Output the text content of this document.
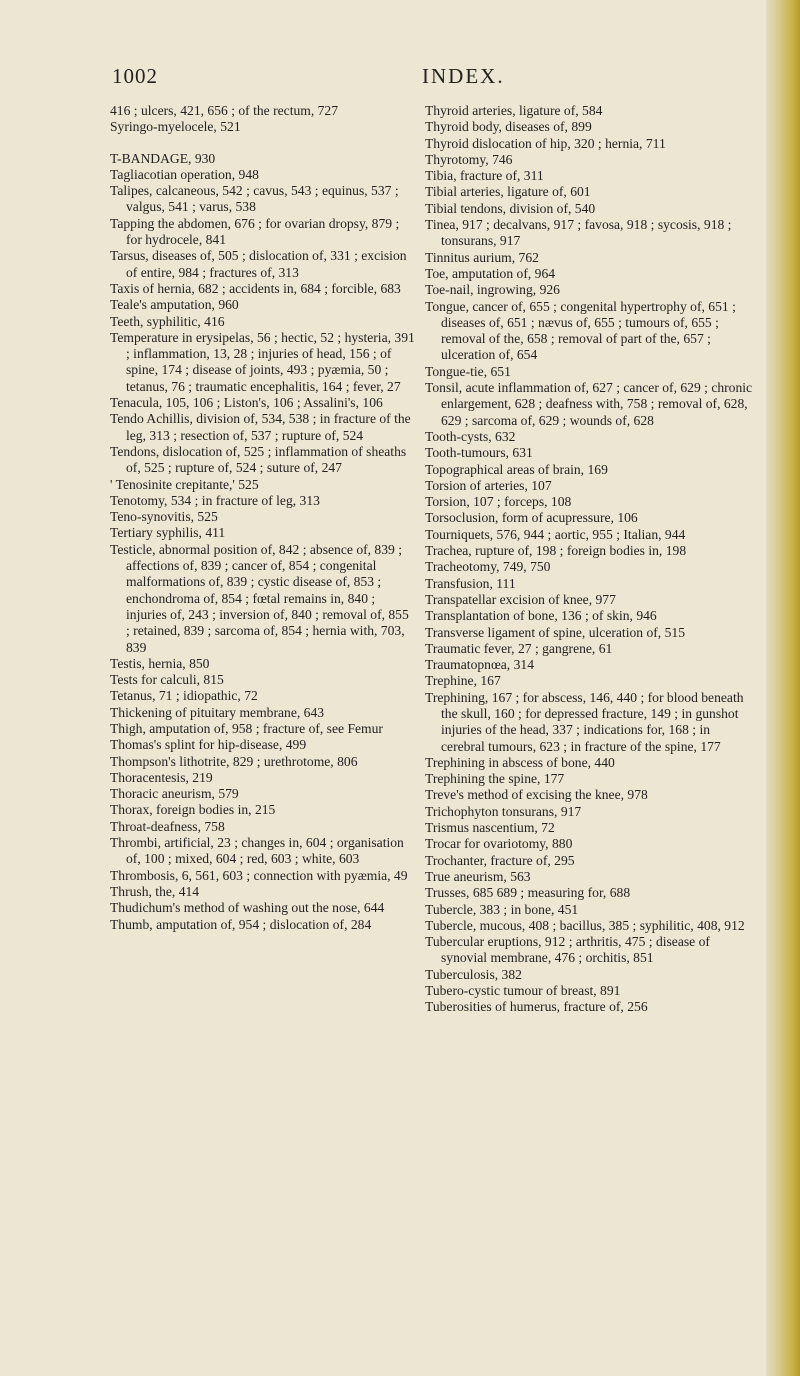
1002	INDEX.
416 ; ulcers, 421, 656 ; of the rectum, 727
Syringo-myelocele, 521
T-BANDAGE, 930
Tagliacotian operation, 948
Talipes, calcaneous, 542 ; cavus, 543 ; equinus, 537 ; valgus, 541 ; varus, 538
Tapping the abdomen, 676 ; for ovarian dropsy, 879 ; for hydrocele, 841
Tarsus, diseases of, 505 ; dislocation of, 331 ; excision of entire, 984 ; fractures of, 313
Taxis of hernia, 682 ; accidents in, 684 ; forcible, 683
Teale's amputation, 960
Teeth, syphilitic, 416
Temperature in erysipelas, 56 ; hectic, 52 ; hysteria, 391 ; inflammation, 13, 28 ; injuries of head, 156 ; of spine, 174 ; disease of joints, 493 ; pyæmia, 50 ; tetanus, 76 ; traumatic encephalitis, 164 ; fever, 27
Tenacula, 105, 106 ; Liston's, 106 ; Assalini's, 106
Tendo Achillis, division of, 534, 538 ; in fracture of the leg, 313 ; resection of, 537 ; rupture of, 524
Tendons, dislocation of, 525 ; inflammation of sheaths of, 525 ; rupture of, 524 ; suture of, 247
' Tenosinite crepitante,' 525
Tenotomy, 534 ; in fracture of leg, 313
Teno-synovitis, 525
Tertiary syphilis, 411
Testicle, abnormal position of, 842 ; absence of, 839 ; affections of, 839 ; cancer of, 854 ; congenital malformations of, 839 ; cystic disease of, 853 ; enchondroma of, 854 ; fœtal remains in, 840 ; injuries of, 243 ; inversion of, 840 ; removal of, 855 ; retained, 839 ; sarcoma of, 854 ; hernia with, 703, 839
Testis, hernia, 850
Tests for calculi, 815
Tetanus, 71 ; idiopathic, 72
Thickening of pituitary membrane, 643
Thigh, amputation of, 958 ; fracture of, see Femur
Thomas's splint for hip-disease, 499
Thompson's lithotrite, 829 ; urethrotome, 806
Thoracentesis, 219
Thoracic aneurism, 579
Thorax, foreign bodies in, 215
Throat-deafness, 758
Thrombi, artificial, 23 ; changes in, 604 ; organisation of, 100 ; mixed, 604 ; red, 603 ; white, 603
Thrombosis, 6, 561, 603 ; connection with pyæmia, 49
Thrush, the, 414
Thudichum's method of washing out the nose, 644
Thumb, amputation of, 954 ; dislocation of, 284
Thyroid arteries, ligature of, 584
Thyroid body, diseases of, 899
Thyroid dislocation of hip, 320 ; hernia, 711
Thyrotomy, 746
Tibia, fracture of, 311
Tibial arteries, ligature of, 601
Tibial tendons, division of, 540
Tinea, 917 ; decalvans, 917 ; favosa, 918 ; sycosis, 918 ; tonsurans, 917
Tinnitus aurium, 762
Toe, amputation of, 964
Toe-nail, ingrowing, 926
Tongue, cancer of, 655 ; congenital hypertrophy of, 651 ; diseases of, 651 ; nævus of, 655 ; tumours of, 655 ; removal of the, 658 ; removal of part of the, 657 ; ulceration of, 654
Tongue-tie, 651
Tonsil, acute inflammation of, 627 ; cancer of, 629 ; chronic enlargement, 628 ; deafness with, 758 ; removal of, 628, 629 ; sarcoma of, 629 ; wounds of, 628
Tooth-cysts, 632
Tooth-tumours, 631
Topographical areas of brain, 169
Torsion of arteries, 107
Torsion, 107 ; forceps, 108
Torsoclusion, form of acupressure, 106
Tourniquets, 576, 944 ; aortic, 955 ; Italian, 944
Trachea, rupture of, 198 ; foreign bodies in, 198
Tracheotomy, 749, 750
Transfusion, 111
Transpatellar excision of knee, 977
Transplantation of bone, 136 ; of skin, 946
Transverse ligament of spine, ulceration of, 515
Traumatic fever, 27 ; gangrene, 61
Traumatopnœa, 314
Trephine, 167
Trephining, 167 ; for abscess, 146, 440 ; for blood beneath the skull, 160 ; for depressed fracture, 149 ; in gunshot injuries of the head, 337 ; indications for, 168 ; in cerebral tumours, 623 ; in fracture of the spine, 177
Trephining in abscess of bone, 440
Trephining the spine, 177
Treve's method of excising the knee, 978
Trichophyton tonsurans, 917
Trismus nascentium, 72
Trocar for ovariotomy, 880
Trochanter, fracture of, 295
True aneurism, 563
Trusses, 685 689 ; measuring for, 688
Tubercle, 383 ; in bone, 451
Tubercle, mucous, 408 ; bacillus, 385 ; syphilitic, 408, 912
Tubercular eruptions, 912 ; arthritis, 475 ; disease of synovial membrane, 476 ; orchitis, 851
Tuberculosis, 382
Tubero-cystic tumour of breast, 891
Tuberosities of humerus, fracture of, 256
